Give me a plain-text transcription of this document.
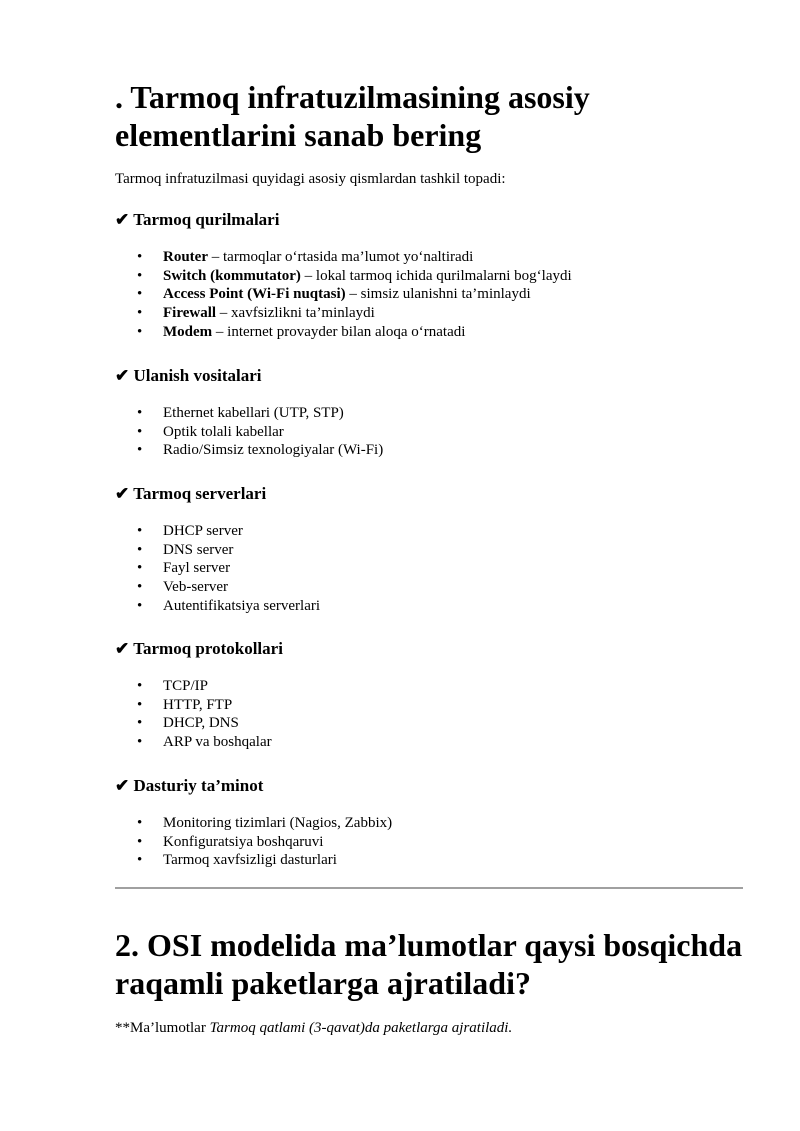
. Tarmoq infratuzilmasining asosiy elementlarini sanab bering

Tarmoq infratuzilmasi quyidagi asosiy qismlardan tashkil topadi:

✔ Tarmoq qurilmalari
• Router – tarmoqlar o‘rtasida ma’lumot yo‘naltiradi
• Switch (kommutator) – lokal tarmoq ichida qurilmalarni bog‘laydi
• Access Point (Wi-Fi nuqtasi) – simsiz ulanishni ta’minlaydi
• Firewall – xavfsizlikni ta’minlaydi
• Modem – internet provayder bilan aloqa o‘rnatadi
✔ Ulanish vositalari
• Ethernet kabellari (UTP, STP)
• Optik tolali kabellar
• Radio/Simsiz texnologiyalar (Wi-Fi)
✔ Tarmoq serverlari
• DHCP server
• DNS server
• Fayl server
• Veb-server
• Autentifikatsiya serverlari
✔ Tarmoq protokollari
• TCP/IP
• HTTP, FTP
• DHCP, DNS
• ARP va boshqalar
✔ Dasturiy ta’minot
• Monitoring tizimlari (Nagios, Zabbix)
• Konfiguratsiya boshqaruvi
• Tarmoq xavfsizligi dasturlari
2. OSI modelida ma’lumotlar qaysi bosqichda raqamli paketlarga ajratiladi?

**Ma’lumotlar Tarmoq qatlami (3-qavat)da paketlarga ajratiladi.
